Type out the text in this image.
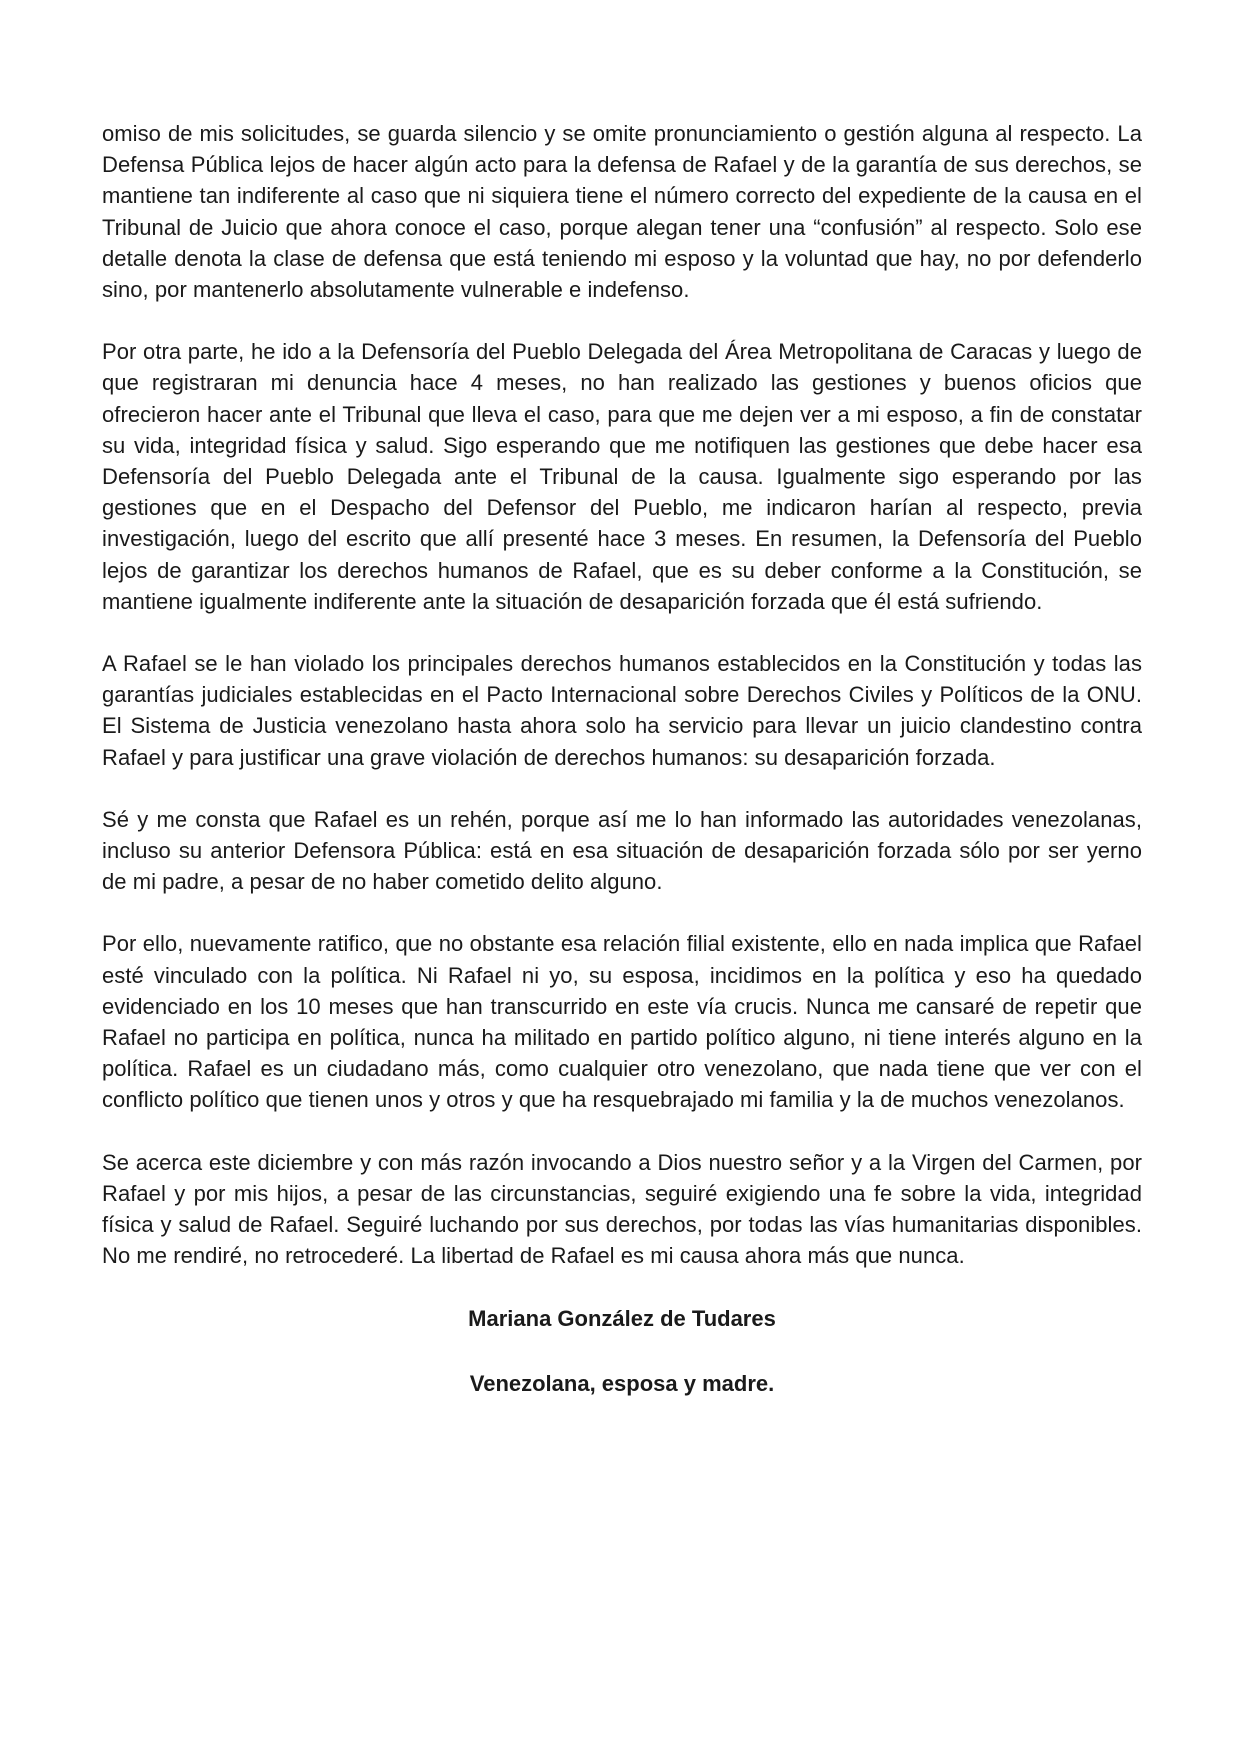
omiso de mis solicitudes, se guarda silencio y se omite pronunciamiento o gestión alguna al respecto. La Defensa Pública lejos de hacer algún acto para la defensa de Rafael y de la garantía de sus derechos, se mantiene tan indiferente al caso que ni siquiera tiene el número correcto del expediente de la causa en el Tribunal de Juicio que ahora conoce el caso, porque alegan tener una “confusión” al respecto. Solo ese detalle denota la clase de defensa que está teniendo mi esposo y la voluntad que hay, no por defenderlo sino, por mantenerlo absolutamente vulnerable e indefenso.

Por otra parte, he ido a la Defensoría del Pueblo Delegada del Área Metropolitana de Caracas y luego de que registraran mi denuncia hace 4 meses, no han realizado las gestiones y buenos oficios que ofrecieron hacer ante el Tribunal que lleva el caso, para que me dejen ver a mi esposo, a fin de constatar su vida, integridad física y salud. Sigo esperando que me notifiquen las gestiones que debe hacer esa Defensoría del Pueblo Delegada ante el Tribunal de la causa. Igualmente sigo esperando por las gestiones que en el Despacho del Defensor del Pueblo, me indicaron harían al respecto, previa investigación, luego del escrito que allí presenté hace 3 meses. En resumen, la Defensoría del Pueblo lejos de garantizar los derechos humanos de Rafael, que es su deber conforme a la Constitución, se mantiene igualmente indiferente ante la situación de desaparición forzada que él está sufriendo.

A Rafael se le han violado los principales derechos humanos establecidos en la Constitución y todas las garantías judiciales establecidas en el Pacto Internacional sobre Derechos Civiles y Políticos de la ONU. El Sistema de Justicia venezolano hasta ahora solo ha servicio para llevar un juicio clandestino contra Rafael y para justificar una grave violación de derechos humanos: su desaparición forzada.

Sé y me consta que Rafael es un rehén, porque así me lo han informado las autoridades venezolanas, incluso su anterior Defensora Pública: está en esa situación de desaparición forzada sólo por ser yerno de mi padre, a pesar de no haber cometido delito alguno.

Por ello, nuevamente ratifico, que no obstante esa relación filial existente, ello en nada implica que Rafael esté vinculado con la política. Ni Rafael ni yo, su esposa, incidimos en la política y eso ha quedado evidenciado en los 10 meses que han transcurrido en este vía crucis. Nunca me cansaré de repetir que Rafael no participa en política, nunca ha militado en partido político alguno, ni tiene interés alguno en la política. Rafael es un ciudadano más, como cualquier otro venezolano, que nada tiene que ver con el conflicto político que tienen unos y otros y que ha resquebrajado mi familia y la de muchos venezolanos.

Se acerca este diciembre y con más razón invocando a Dios nuestro señor y a la Virgen del Carmen, por Rafael y por mis hijos, a pesar de las circunstancias, seguiré exigiendo una fe sobre la vida, integridad física y salud de Rafael. Seguiré luchando por sus derechos, por todas las vías humanitarias disponibles. No me rendiré, no retrocederé. La libertad de Rafael es mi causa ahora más que nunca.

Mariana González de Tudares

Venezolana, esposa y madre.
